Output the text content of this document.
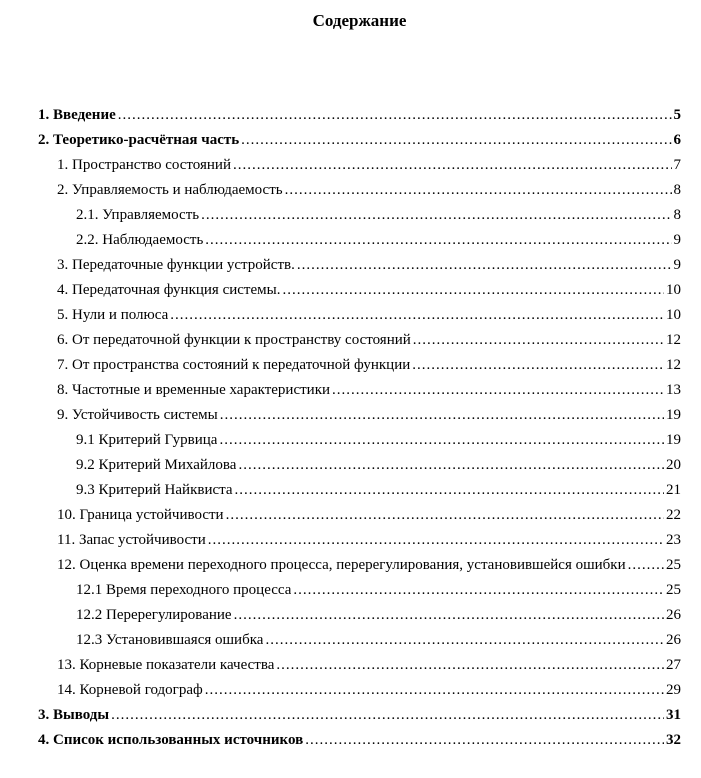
Содержание
1. Введение .....	5
2. Теоретико-расчётная часть .....	6
1. Пространство состояний .....	7
2. Управляемость и наблюдаемость .....	8
2.1. Управляемость .....	8
2.2. Наблюдаемость .....	9
3. Передаточные функции устройств. .....	9
4. Передаточная функция системы. .....	10
5. Нули и полюса .....	10
6. От передаточной функции к пространству состояний .....	12
7. От пространства состояний к передаточной функции .....	12
8. Частотные и временные характеристики .....	13
9. Устойчивость системы .....	19
9.1 Критерий Гурвица .....	19
9.2 Критерий Михайлова .....	20
9.3 Критерий Найквиста .....	21
10. Граница устойчивости .....	22
11. Запас устойчивости .....	23
12. Оценка времени переходного процесса, перерегулирования, установившейся ошибки .....	25
12.1 Время переходного процесса .....	25
12.2 Перерегулирование .....	26
12.3 Установившаяся ошибка .....	26
13. Корневые показатели качества .....	27
14. Корневой годограф .....	29
3. Выводы .....	31
4. Список использованных источников .....	32
